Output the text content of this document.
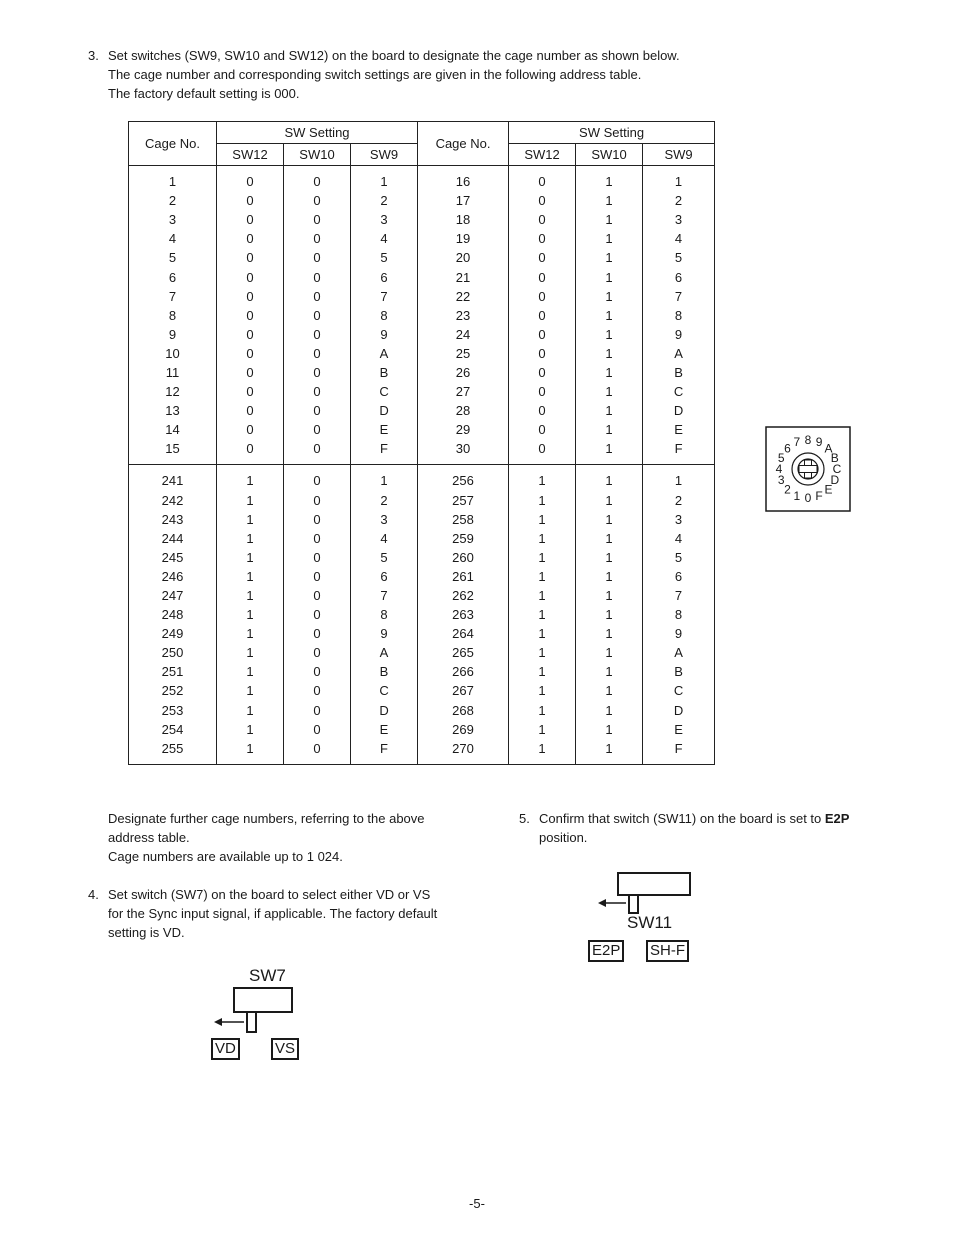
3. Set switches (SW9, SW10 and SW12) on the board to designate the cage number as shown below.
The cage number and corresponding switch settings are given in the following address table.
The factory default setting is 000.
Cage No.	SW Setting			Cage No.	SW Setting		
	SW12	SW10	SW9		SW12	SW10	SW9
1	0	0	1	16	0	1	1
2	0	0	2	17	0	1	2
3	0	0	3	18	0	1	3
4	0	0	4	19	0	1	4
5	0	0	5	20	0	1	5
6	0	0	6	21	0	1	6
7	0	0	7	22	0	1	7
8	0	0	8	23	0	1	8
9	0	0	9	24	0	1	9
10	0	0	A	25	0	1	A
11	0	0	B	26	0	1	B
12	0	0	C	27	0	1	C
13	0	0	D	28	0	1	D
14	0	0	E	29	0	1	E
15	0	0	F	30	0	1	F
241	1	0	1	256	1	1	1
242	1	0	2	257	1	1	2
243	1	0	3	258	1	1	3
244	1	0	4	259	1	1	4
245	1	0	5	260	1	1	5
246	1	0	6	261	1	1	6
247	1	0	7	262	1	1	7
248	1	0	8	263	1	1	8
249	1	0	9	264	1	1	9
250	1	0	A	265	1	1	A
251	1	0	B	266	1	1	B
252	1	0	C	267	1	1	C
253	1	0	D	268	1	1	D
254	1	0	E	269	1	1	E
255	1	0	F	270	1	1	F
0
1
2
3
4
5
6 7 8 9 A
B
C
D
E
F
Designate further cage numbers, referring to the above address table.
Cage numbers are available up to 1 024.
4. Set switch (SW7) on the board to select either VD or VS for the Sync input signal, if applicable. The factory default setting is VD.
SW7
VD	VS
5. Confirm that switch (SW11) on the board is set to E2P position.
SW11
E2P SH-F
-5-
